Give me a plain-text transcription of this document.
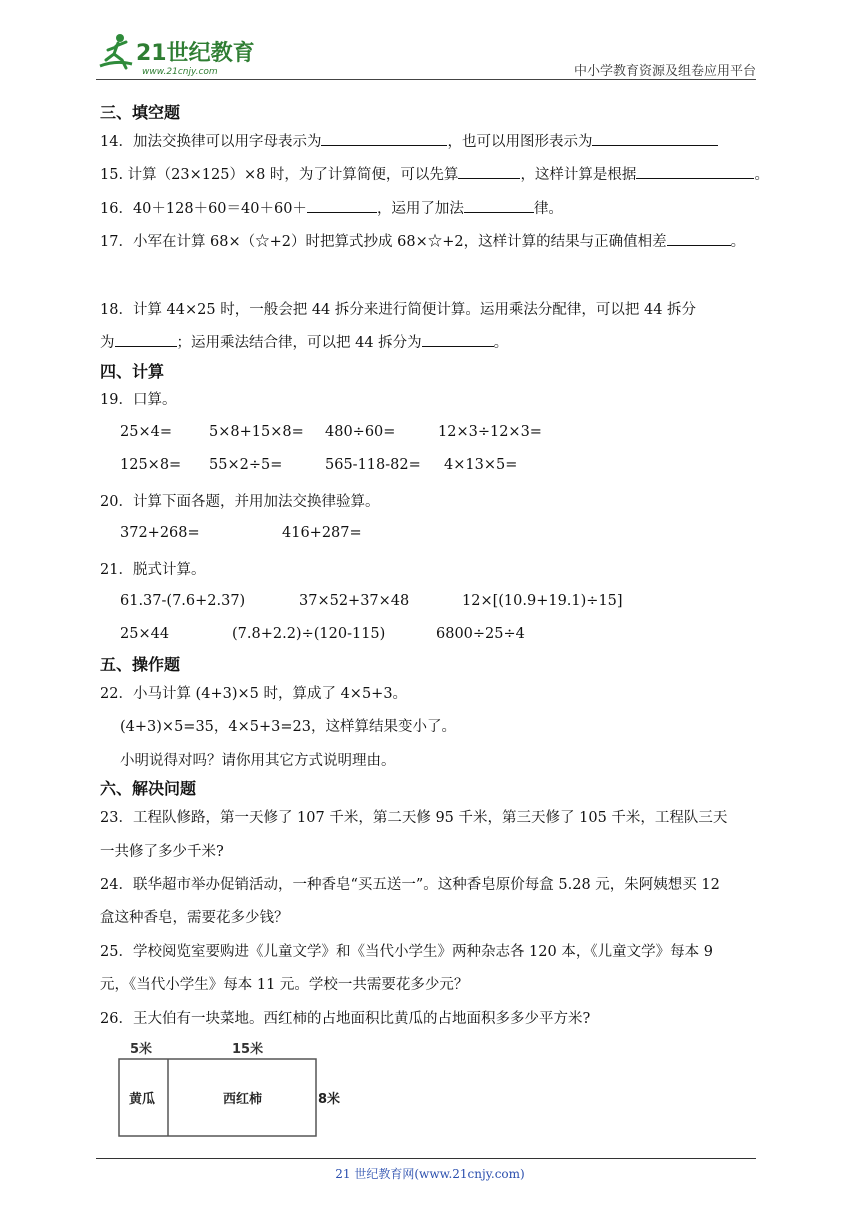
21世纪教育
www.21cnjy.com	中小学教育资源及组卷应用平台
三、填空题
14．加法交换律可以用字母表示为	，也可以用图形表示为
15. 计算（23×125）×8 时，为了计算简便，可以先算	，这样计算是根据	。
16．40＋128＋60＝40＋60＋	，运用了加法	律。
17．小军在计算 68×（☆+2）时把算式抄成 68×☆+2，这样计算的结果与正确值相差	。
18．计算 44×25 时，一般会把 44 拆分来进行简便计算。运用乘法分配律，可以把 44 拆分
为	；运用乘法结合律，可以把 44 拆分为	。
四、计算
19．口算。
25×4=	5×8+15×8= 480÷60=	12×3÷12×3=
125×8= 55×2÷5=	565-118-82= 4×13×5=
20．计算下面各题，并用加法交换律验算。
372+268=	416+287=
21．脱式计算。
61.37-(7.6+2.37)	37×52+37×48	12×[(10.9+19.1)÷15]
25×44	(7.8+2.2)÷(120-115)	6800÷25÷4
五、操作题
22．小马计算 (4+3)×5 时，算成了 4×5+3。
(4+3)×5=35，4×5+3=23，这样算结果变小了。
小明说得对吗？请你用其它方式说明理由。
六、解决问题
23．工程队修路，第一天修了 107 千米，第二天修 95 千米，第三天修了 105 千米，工程队三天
一共修了多少千米?
24．联华超市举办促销活动，一种香皂“买五送一”。这种香皂原价每盒 5.28 元，朱阿姨想买 12
盒这种香皂，需要花多少钱？
25．学校阅览室要购进《儿童文学》和《当代小学生》两种杂志各 120 本，《儿童文学》每本 9
元，《当代小学生》每本 11 元。学校一共需要花多少元？
26．王大伯有一块菜地。西红柿的占地面积比黄瓜的占地面积多多少平方米?
5米	15米
黄瓜	西红柿	8米
21 世纪教育网(www.21cnjy.com)
